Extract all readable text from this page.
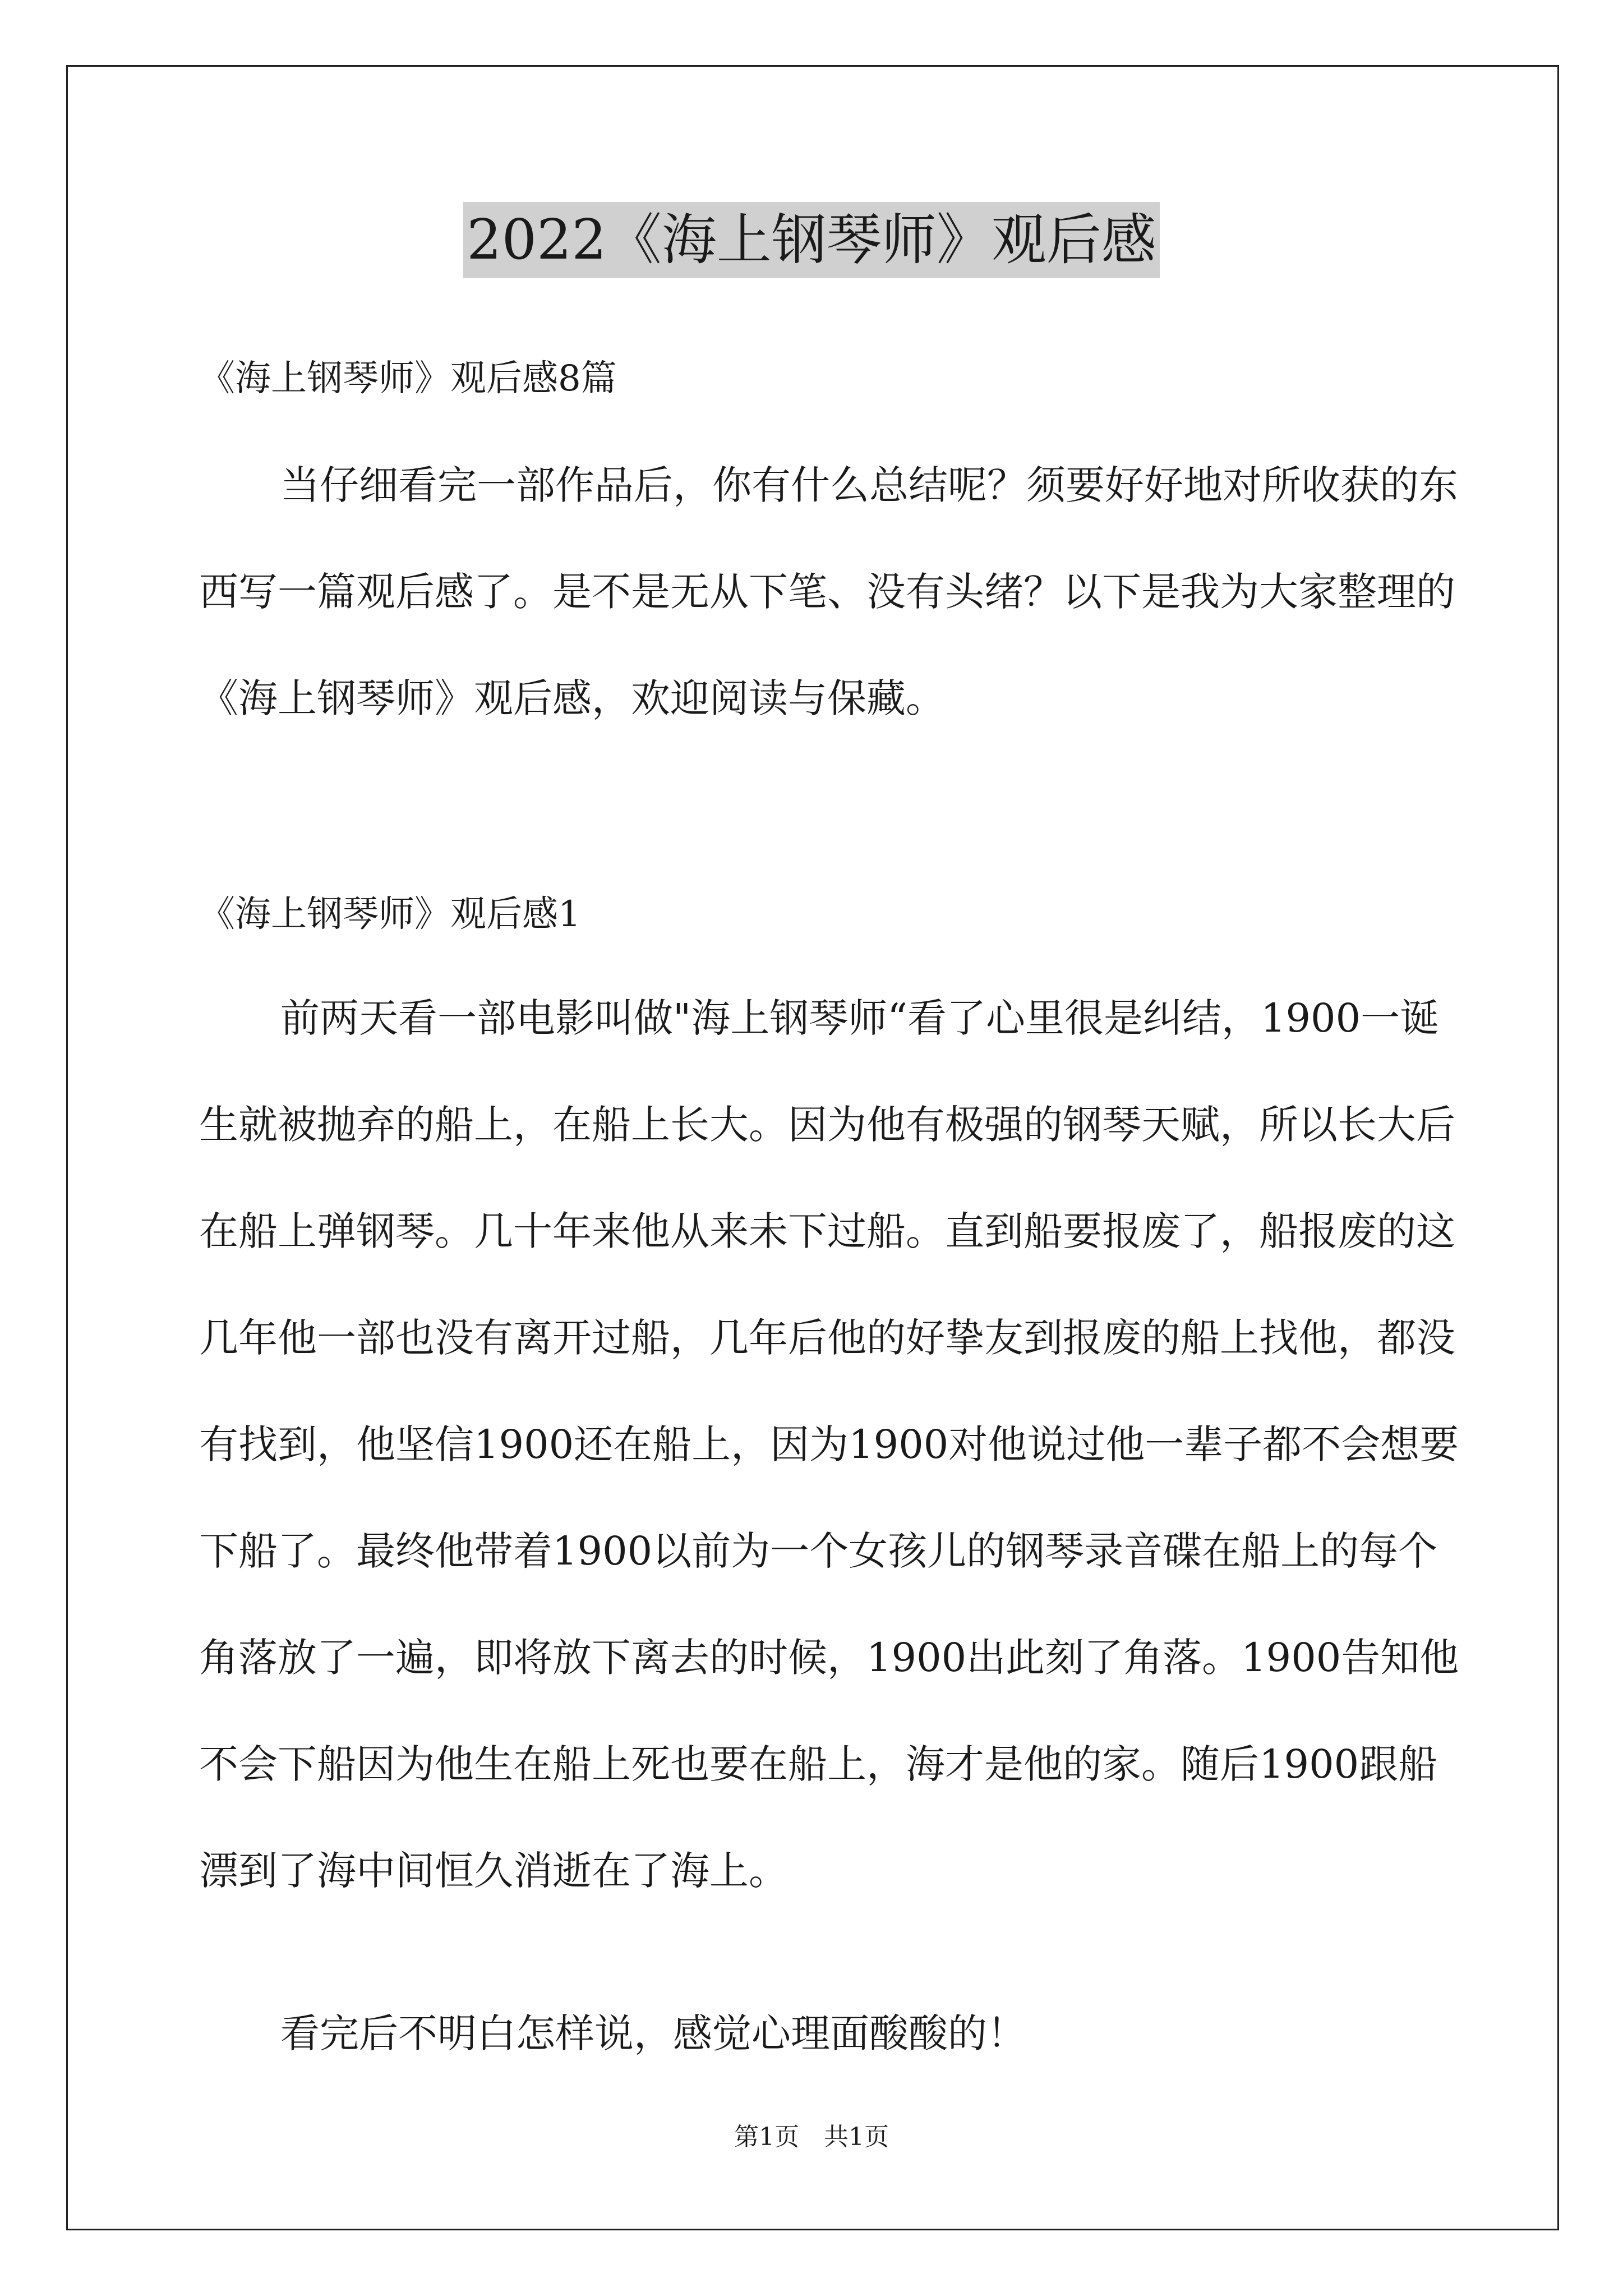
2022《海上钢琴师》观后感
《海上钢琴师》观后感8篇

当仔细看完一部作品后，你有什么总结呢？须要好好地对所收获的东西写一篇观后感了。是不是无从下笔、没有头绪？以下是我为大家整理的《海上钢琴师》观后感，欢迎阅读与保藏。

《海上钢琴师》观后感1

前两天看一部电影叫做"海上钢琴师“看了心里很是纠结，1900一诞生就被抛弃的船上，在船上长大。因为他有极强的钢琴天赋，所以长大后在船上弹钢琴。几十年来他从来未下过船。直到船要报废了，船报废的这几年他一部也没有离开过船，几年后他的好挚友到报废的船上找他，都没有找到，他坚信1900还在船上，因为1900对他说过他一辈子都不会想要下船了。最终他带着1900以前为一个女孩儿的钢琴录音碟在船上的每个角落放了一遍，即将放下离去的时候，1900出此刻了角落。1900告知他不会下船因为他生在船上死也要在船上，海才是他的家。随后1900跟船漂到了海中间恒久消逝在了海上。

看完后不明白怎样说，感觉心理面酸酸的！

第1页　共1页
